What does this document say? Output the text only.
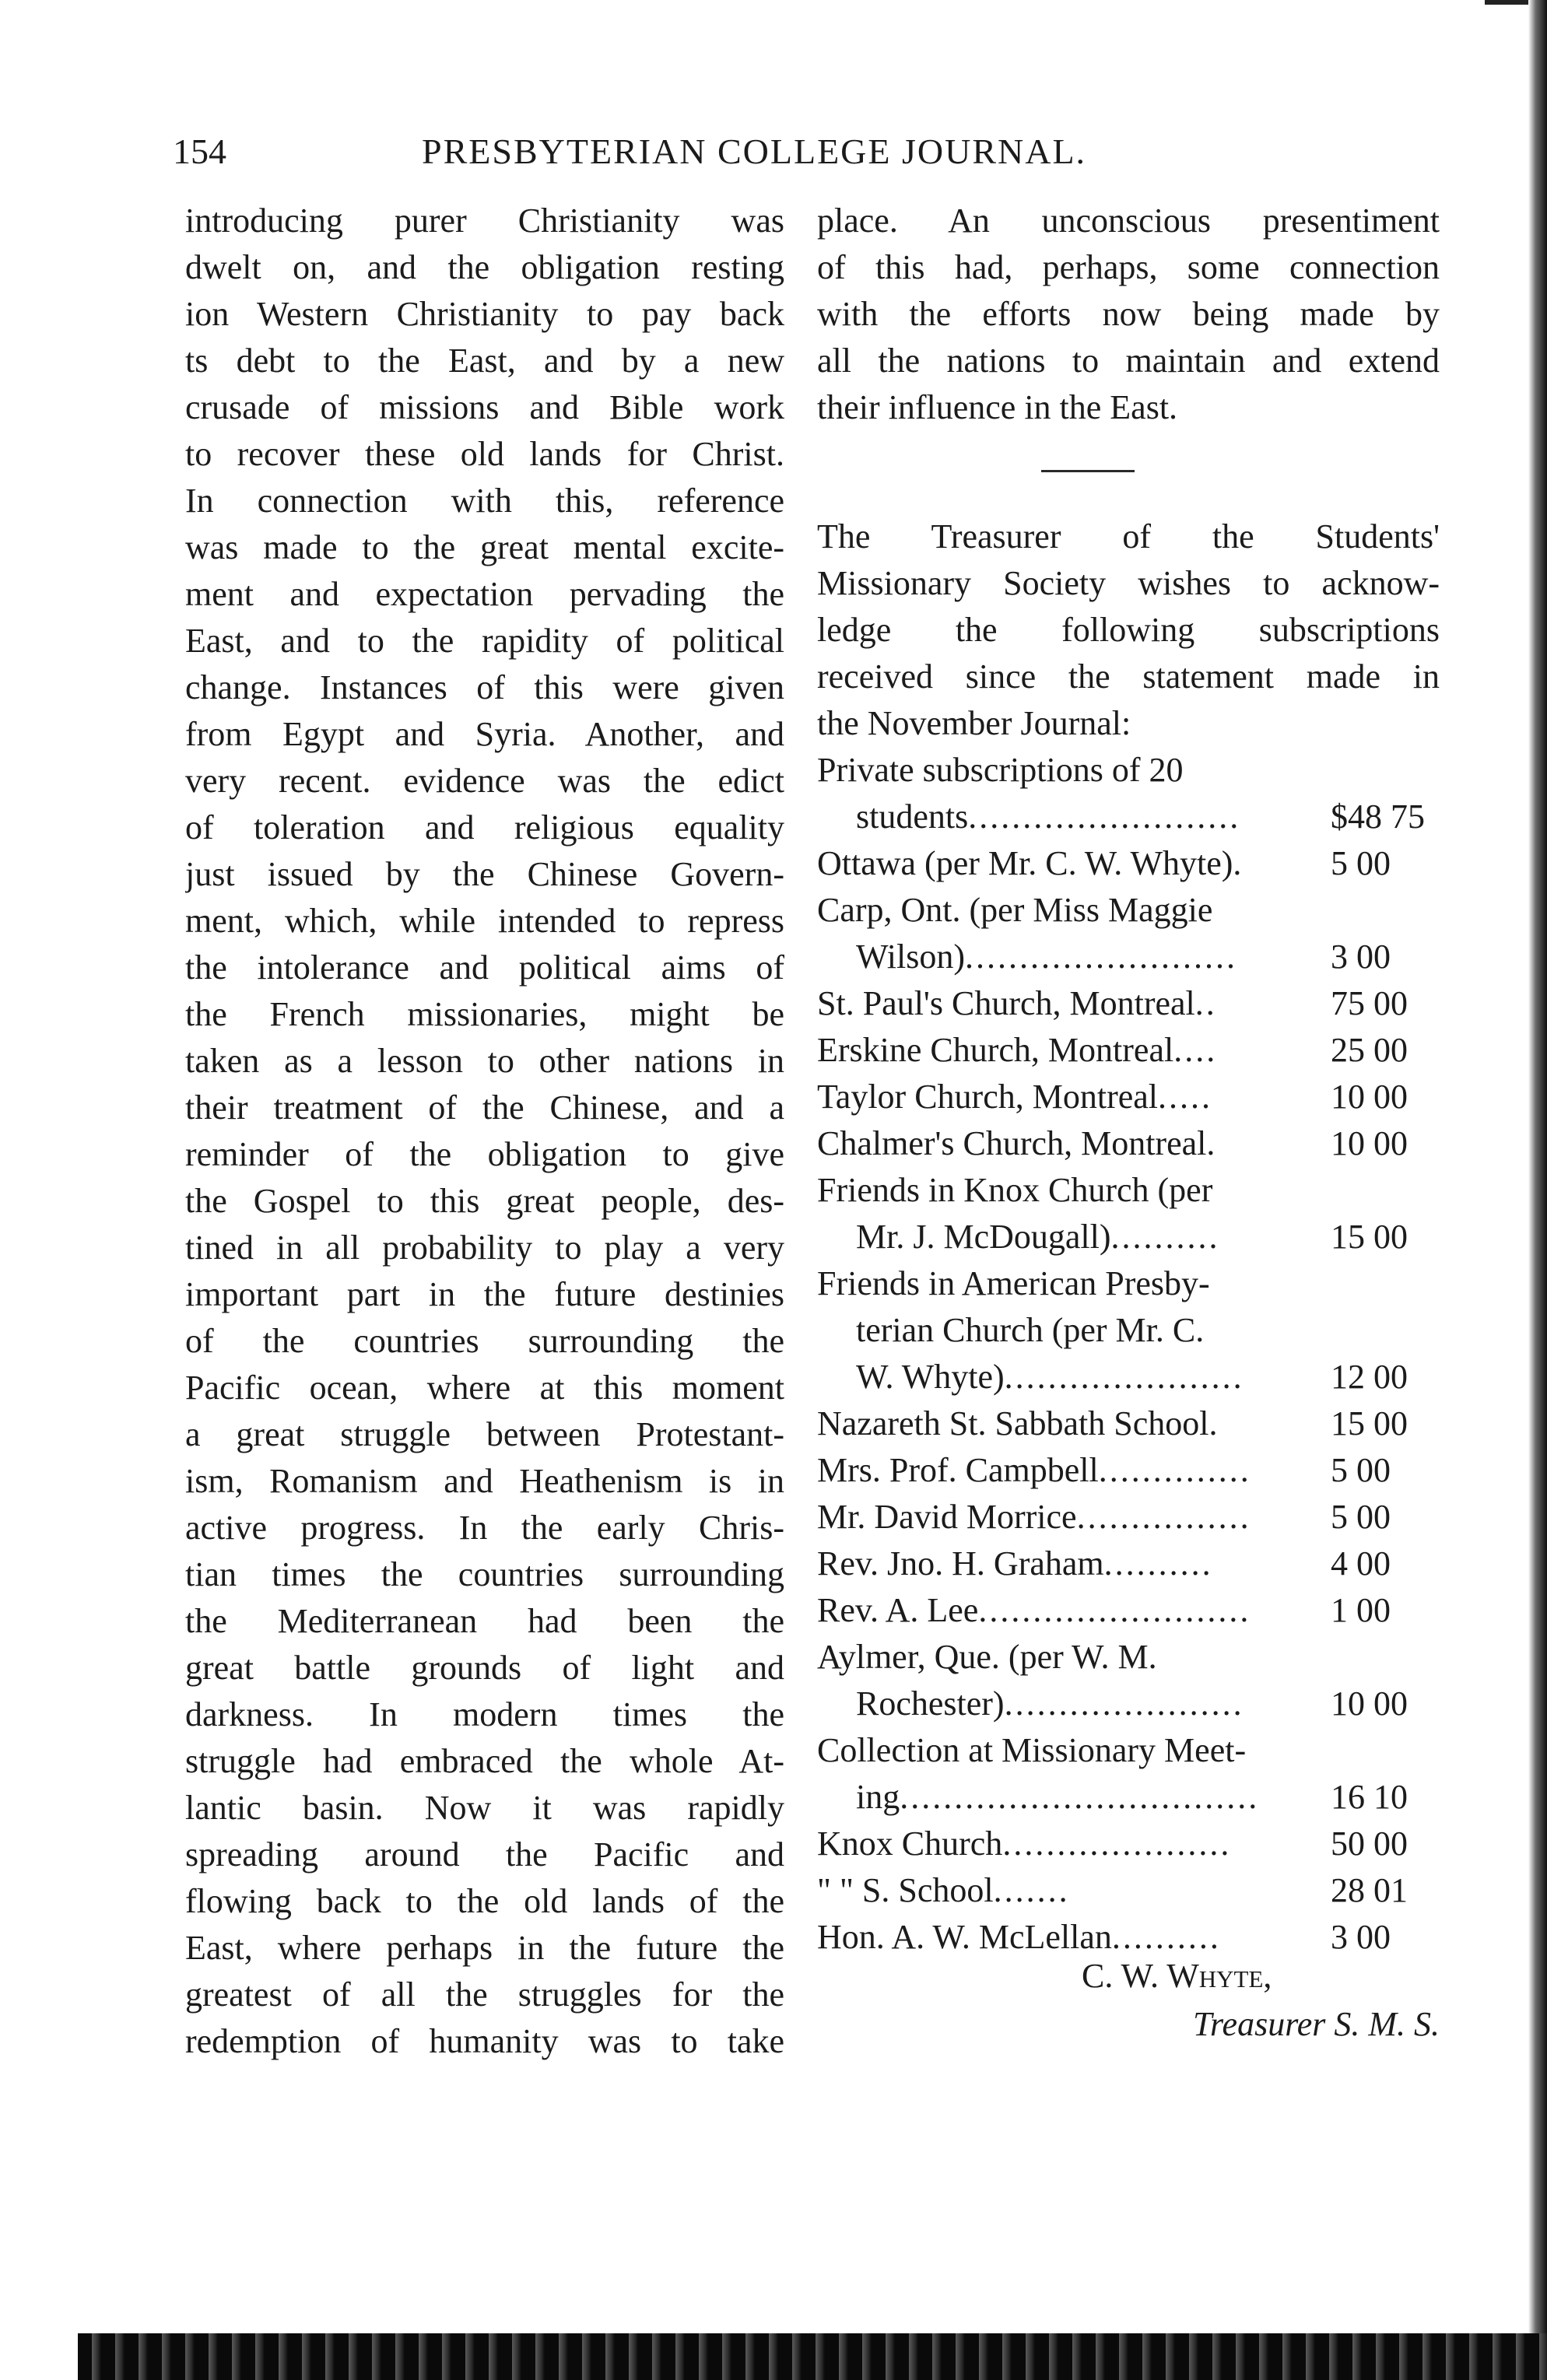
154	PRESBYTERIAN COLLEGE JOURNAL.
introducing purer Christianity was
dwelt on, and the obligation resting
ion Western Christianity to pay back
ts debt to the East, and by a new
crusade of missions and Bible work
to recover these old lands for Christ.
In connection with this, reference
was made to the great mental excite-
ment and expectation pervading the
East, and to the rapidity of political
change. Instances of this were given
from Egypt and Syria. Another, and
very recent. evidence was the edict
of toleration and religious equality
just issued by the Chinese Govern-
ment, which, while intended to repress
the intolerance and political aims of
the French missionaries, might be
taken as a lesson to other nations in
their treatment of the Chinese, and a
reminder of the obligation to give
the Gospel to this great people, des-
tined in all probability to play a very
important part in the future destinies
of the countries surrounding the
Pacific ocean, where at this moment
a great struggle between Protestant-
ism, Romanism and Heathenism is in
active progress. In the early Chris-
tian times the countries surrounding
the Mediterranean had been the
great battle grounds of light and
darkness. In modern times the
struggle had embraced the whole At-
lantic basin. Now it was rapidly
spreading around the Pacific and
flowing back to the old lands of the
East, where perhaps in the future the
greatest of all the struggles for the
redemption of humanity was to take
place. An unconscious presentiment
of this had, perhaps, some connection
with the efforts now being made by
all the nations to maintain and extend
their influence in the East.
The Treasurer of the Students'
Missionary Society wishes to acknow-
ledge the following subscriptions
received since the statement made in
the November Journal:
Private subscriptions of 20
students .........................	$48 75
Ottawa (per Mr. C. W. Whyte).	5 00
Carp, Ont. (per Miss Maggie
Wilson) .........................	3 00
St. Paul's Church, Montreal ..	75 00
Erskine Church, Montreal ....	25 00
Taylor Church, Montreal .....	10 00
Chalmer's Church, Montreal.	10 00
Friends in Knox Church (per
Mr. J. McDougall) ..........	15 00
Friends in American Presby-
terian Church (per Mr. C.
W. Whyte) ......................	12 00
Nazareth St. Sabbath School.	15 00
Mrs. Prof. Campbell ..............	5 00
Mr. David Morrice ................	5 00
Rev. Jno. H. Graham ..........	4 00
Rev. A. Lee .........................	1 00
Aylmer, Que. (per W. M.
Rochester) ......................	10 00
Collection at Missionary Meet-
ing .................................	16 10
Knox Church .....................	50 00
" " S. School .......	28 01
Hon. A. W. McLellan ..........	3 00
C. W. Whyte,
Treasurer S. M. S.
